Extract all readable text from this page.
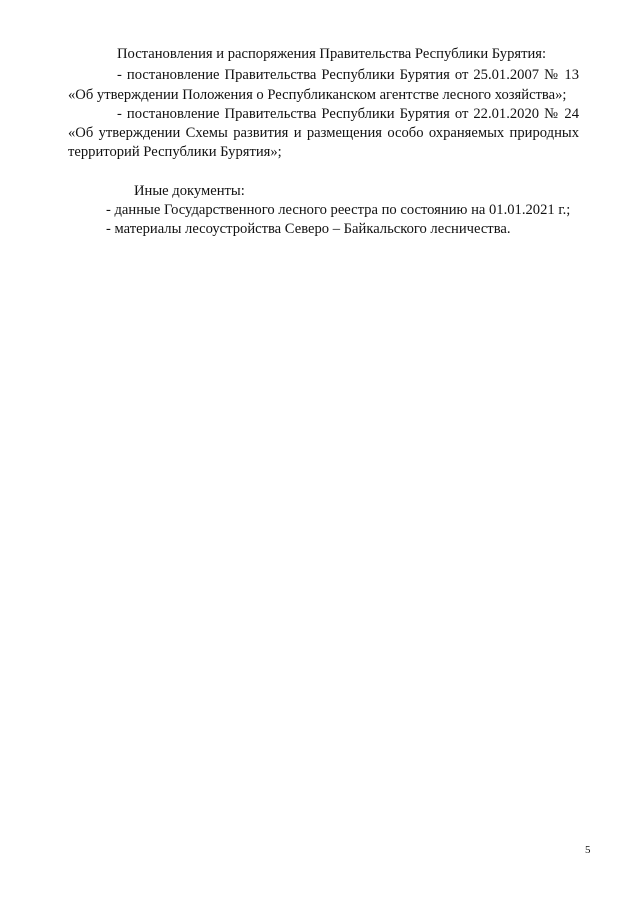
Постановления и распоряжения Правительства Республики Бурятия:
- постановление Правительства Республики Бурятия от 25.01.2007 № 13
«Об утверждении Положения о Республиканском агентстве лесного хозяйства»;
- постановление Правительства Республики Бурятия от 22.01.2020 № 24
«Об утверждении Схемы развития и размещения особо охраняемых природных
территорий Республики Бурятия»;
Иные документы:
- данные Государственного лесного реестра по состоянию на 01.01.2021 г.;
- материалы лесоустройства Северо – Байкальского лесничества.
5
